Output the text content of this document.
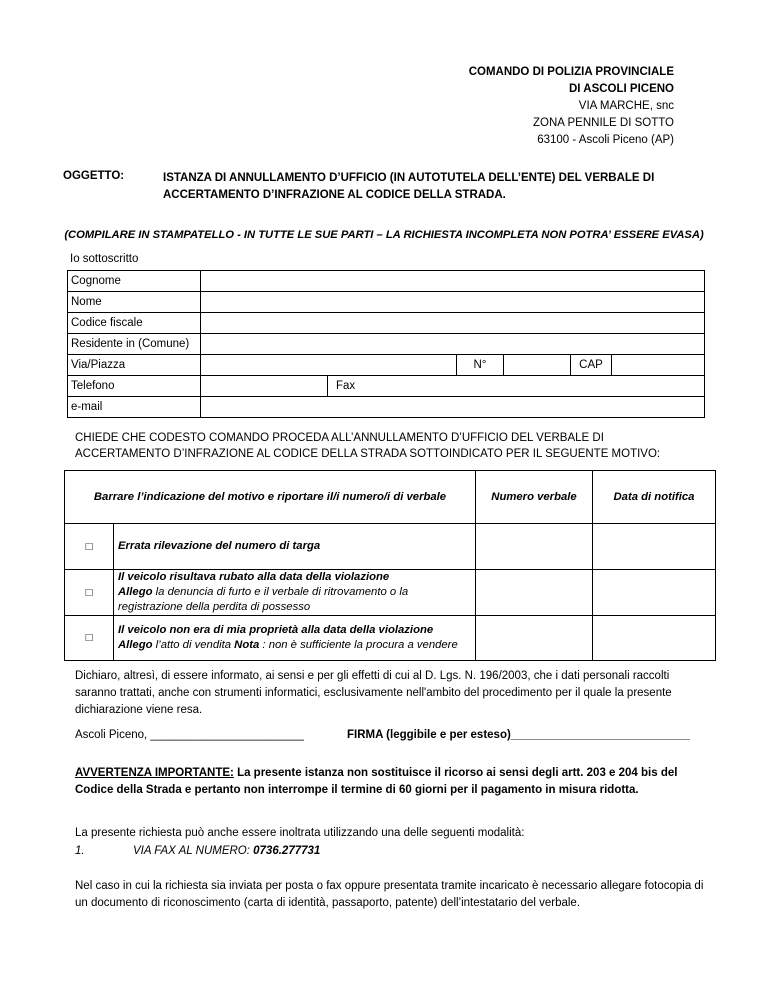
COMANDO DI POLIZIA PROVINCIALE
DI ASCOLI PICENO
VIA MARCHE, snc
ZONA PENNILE DI SOTTO
63100 - Ascoli Piceno (AP)
OGGETTO:	ISTANZA DI ANNULLAMENTO D’UFFICIO (IN AUTOTUTELA DELL’ENTE) DEL VERBALE DI ACCERTAMENTO D’INFRAZIONE AL CODICE DELLA STRADA.
(COMPILARE IN STAMPATELLO - IN TUTTE LE SUE PARTI – LA RICHIESTA INCOMPLETA NON POTRA’ ESSERE EVASA)
Io sottoscritto
Cognome						
Nome						
Codice fiscale						
Residente in (Comune)						
Via/Piazza			N°		CAP	
Telefono		Fax				
e-mail						
CHIEDE CHE CODESTO COMANDO PROCEDA ALL’ANNULLAMENTO D’UFFICIO DEL VERBALE DI ACCERTAMENTO D’INFRAZIONE AL CODICE DELLA STRADA SOTTOINDICATO PER IL SEGUENTE MOTIVO:
Barrare l’indicazione del motivo e riportare il/i numero/i di verbale		Numero verbale	Data di notifica
□	Errata rilevazione del numero di targa		
□	Il veicolo risultava rubato alla data della violazione
Allego la denuncia di furto e il verbale di ritrovamento o la registrazione della perdita di possesso		
□	Il veicolo non era di mia proprietà alla data della violazione
Allego l’atto di vendita Nota : non è sufficiente la procura a vendere		
Dichiaro, altresì, di essere informato, ai sensi e per gli effetti di cui al D. Lgs. N. 196/2003, che i dati personali raccolti saranno trattati, anche con strumenti informatici, esclusivamente nell'ambito del procedimento per il quale la presente dichiarazione viene resa.
Ascoli Piceno, ________________________	FIRMA (leggibile e per esteso)____________________________
AVVERTENZA IMPORTANTE: La presente istanza non sostituisce il ricorso ai sensi degli artt. 203 e 204 bis del Codice della Strada e pertanto non interrompe il termine di 60 giorni per il pagamento in misura ridotta.
La presente richiesta può anche essere inoltrata utilizzando una delle seguenti modalità:
1.	VIA FAX AL NUMERO: 0736.277731
Nel caso in cui la richiesta sia inviata per posta o fax oppure presentata tramite incaricato è necessario allegare fotocopia di un documento di riconoscimento (carta di identità, passaporto, patente) dell’intestatario del verbale.
